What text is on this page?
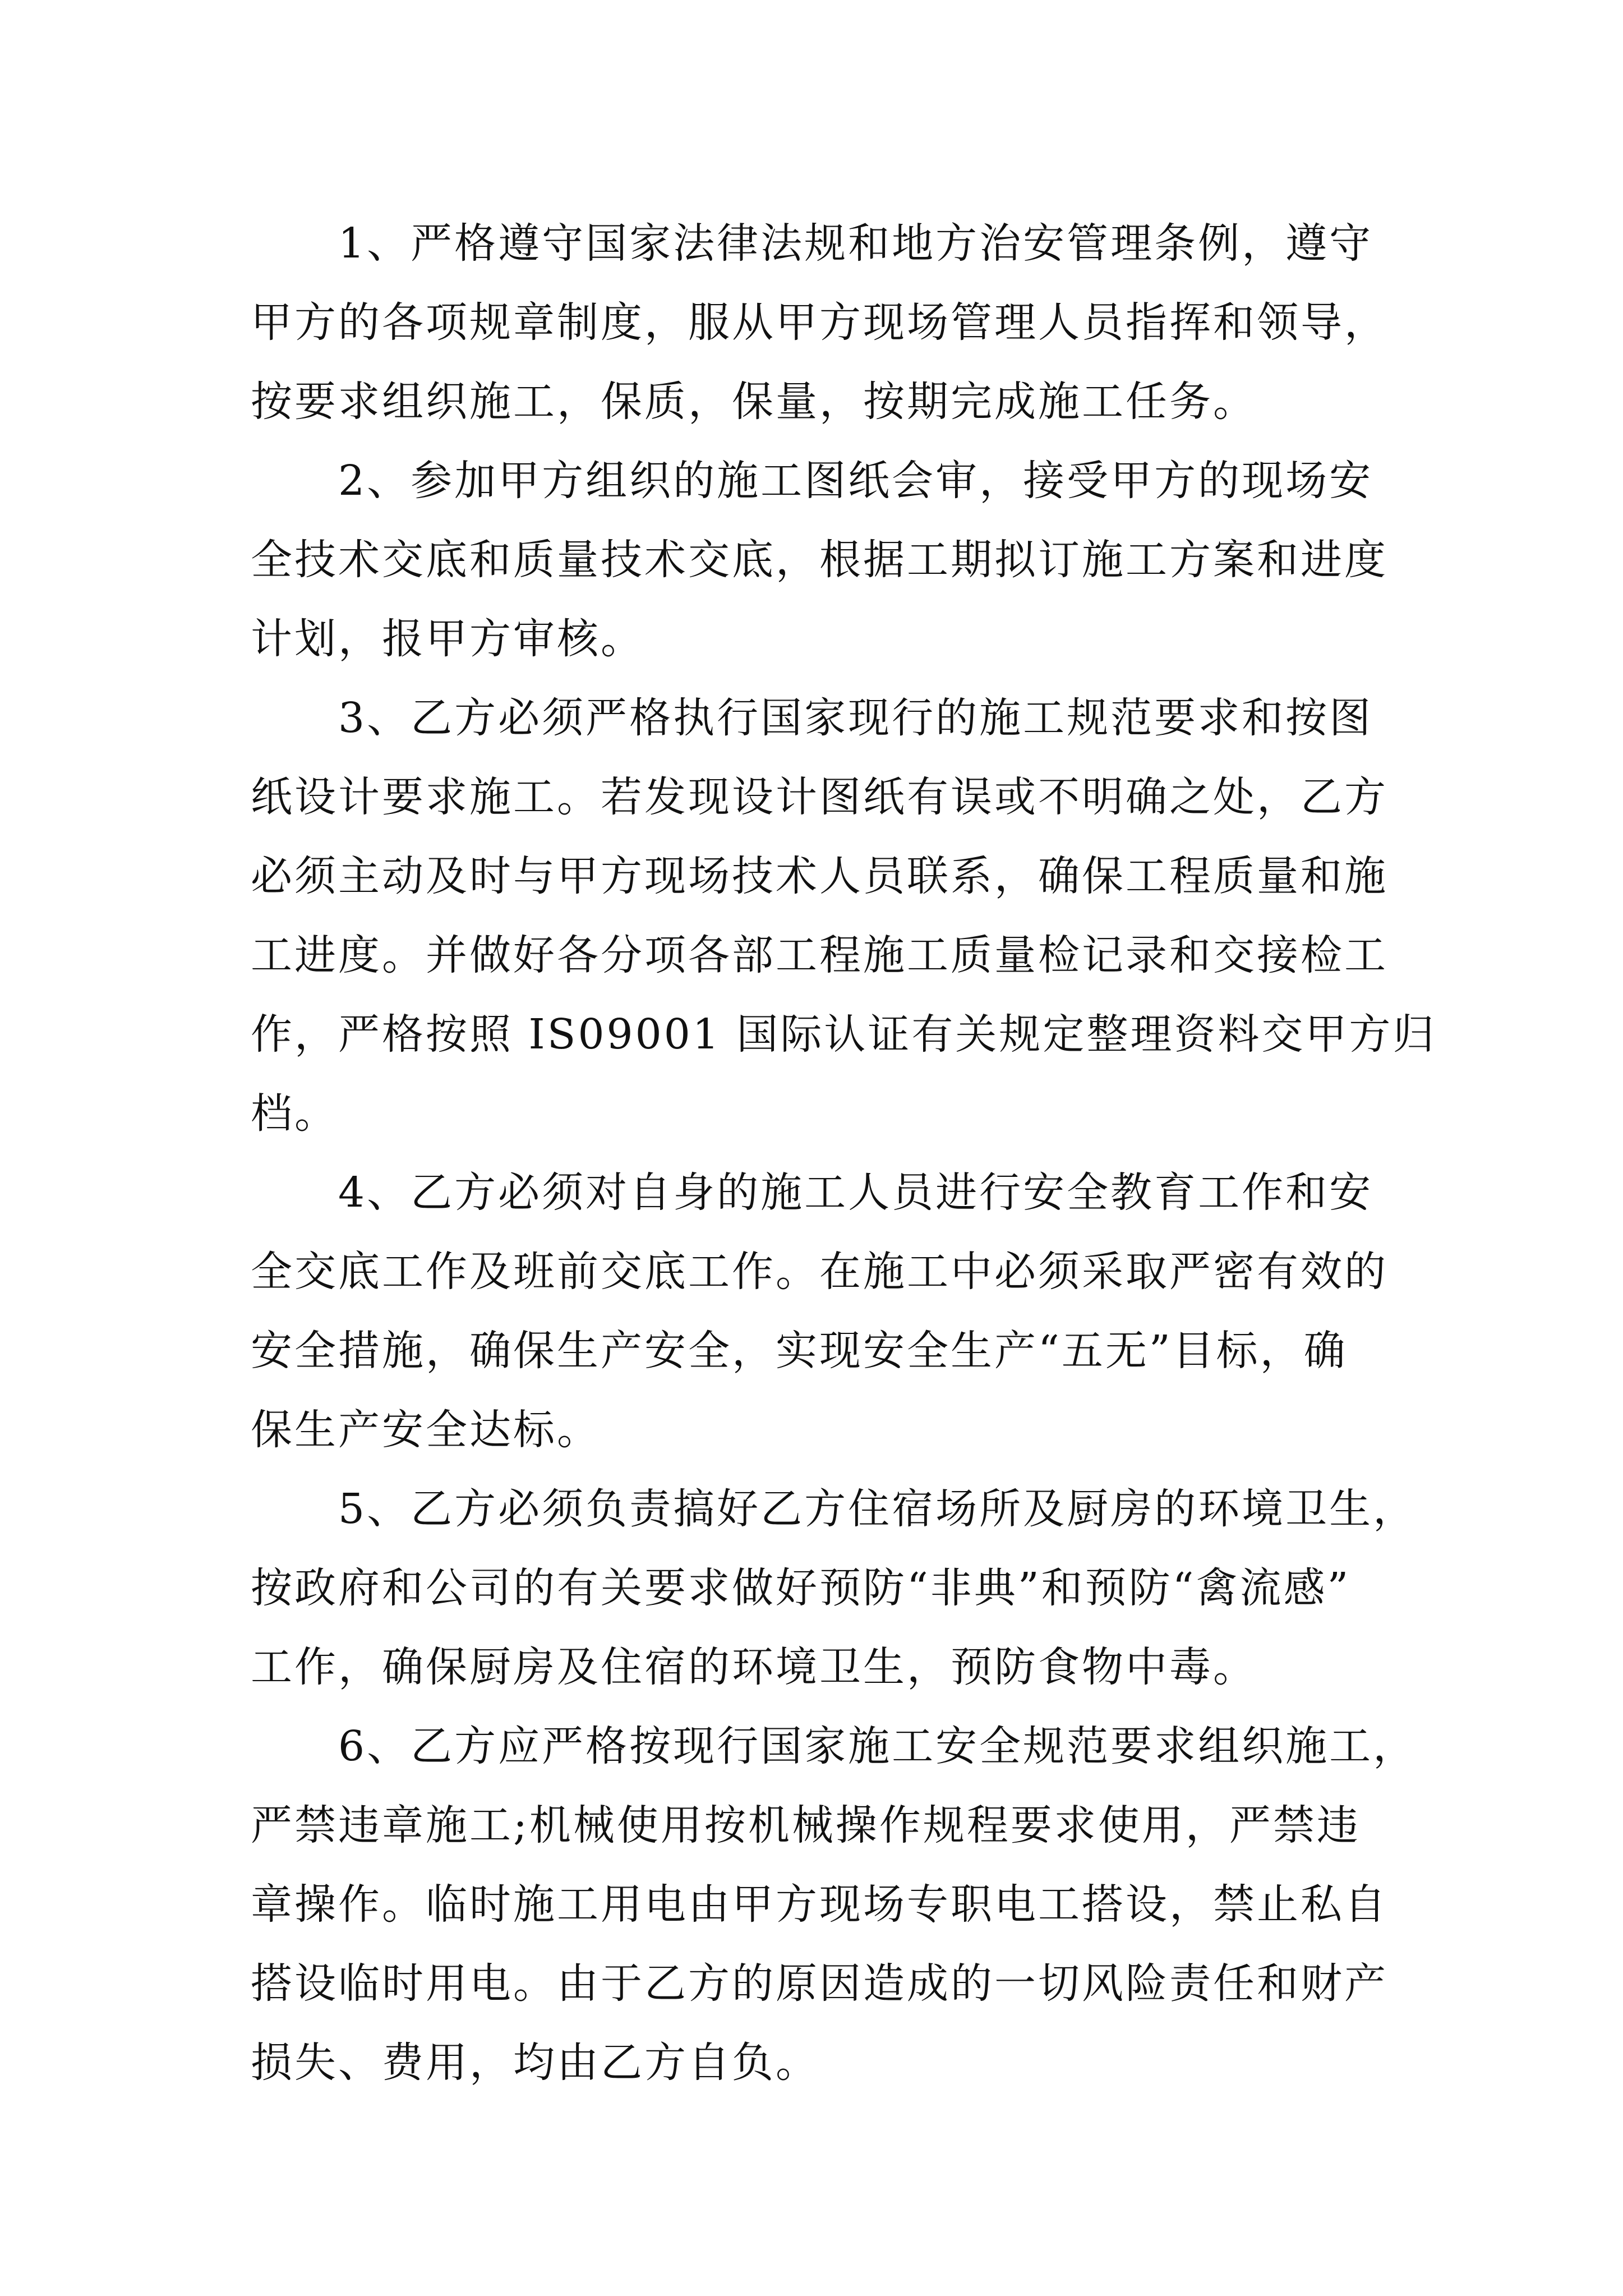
1、严格遵守国家法律法规和地方治安管理条例，遵守
甲方的各项规章制度，服从甲方现场管理人员指挥和领导，
按要求组织施工，保质，保量，按期完成施工任务。
2、参加甲方组织的施工图纸会审，接受甲方的现场安
全技术交底和质量技术交底，根据工期拟订施工方案和进度
计划，报甲方审核。
3、乙方必须严格执行国家现行的施工规范要求和按图
纸设计要求施工。若发现设计图纸有误或不明确之处，乙方
必须主动及时与甲方现场技术人员联系，确保工程质量和施
工进度。并做好各分项各部工程施工质量检记录和交接检工
作，严格按照 IS09001 国际认证有关规定整理资料交甲方归
档。
4、乙方必须对自身的施工人员进行安全教育工作和安
全交底工作及班前交底工作。在施工中必须采取严密有效的
安全措施，确保生产安全，实现安全生产“五无”目标，确
保生产安全达标。
5、乙方必须负责搞好乙方住宿场所及厨房的环境卫生，
按政府和公司的有关要求做好预防“非典”和预防“禽流感”
工作，确保厨房及住宿的环境卫生，预防食物中毒。
6、乙方应严格按现行国家施工安全规范要求组织施工，
严禁违章施工;机械使用按机械操作规程要求使用，严禁违
章操作。临时施工用电由甲方现场专职电工搭设，禁止私自
搭设临时用电。由于乙方的原因造成的一切风险责任和财产
损失、费用，均由乙方自负。
